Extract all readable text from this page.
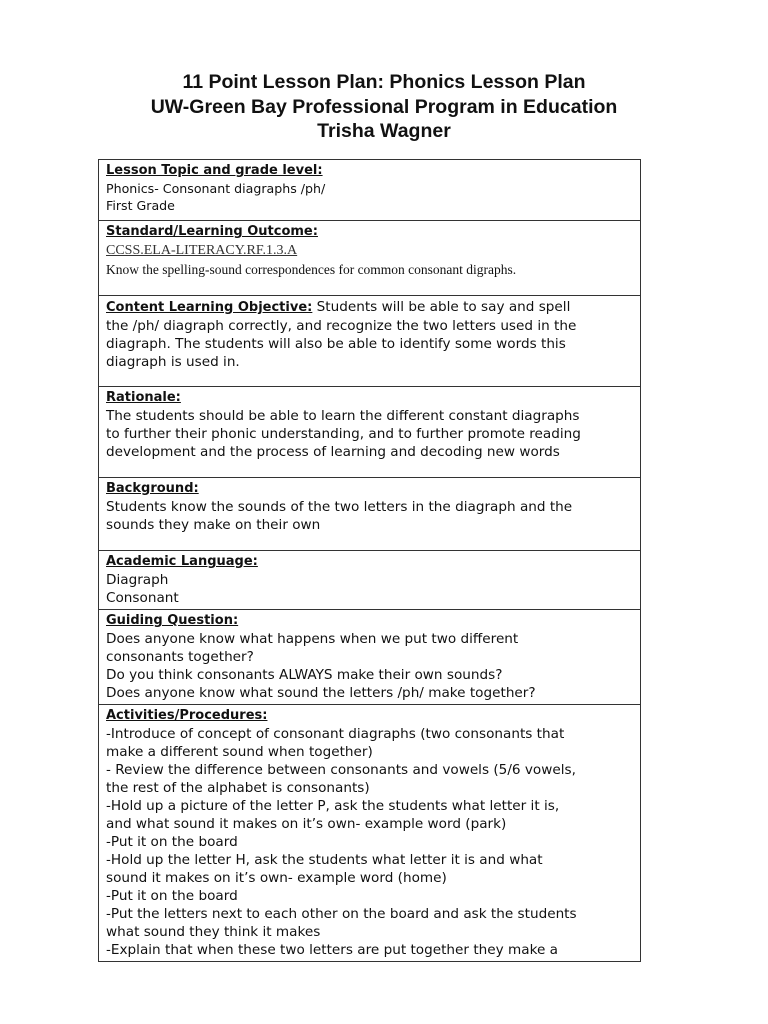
11 Point Lesson Plan: Phonics Lesson Plan
UW-Green Bay Professional Program in Education
Trisha Wagner
Lesson Topic and grade level:
Phonics- Consonant diagraphs /ph/
First Grade

Standard/Learning Outcome:
CCSS.ELA-LITERACY.RF.1.3.A
Know the spelling-sound correspondences for common consonant digraphs.

Content Learning Objective: Students will be able to say and spell
the /ph/ diagraph correctly, and recognize the two letters used in the
diagraph. The students will also be able to identify some words this
diagraph is used in.

Rationale:
The students should be able to learn the different constant diagraphs
to further their phonic understanding, and to further promote reading
development and the process of learning and decoding new words

Background:
Students know the sounds of the two letters in the diagraph and the
sounds they make on their own

Academic Language:
Diagraph
Consonant

Guiding Question:
Does anyone know what happens when we put two different
consonants together?
Do you think consonants ALWAYS make their own sounds?
Does anyone know what sound the letters /ph/ make together?

Activities/Procedures:
-Introduce of concept of consonant diagraphs (two consonants that
make a different sound when together)
- Review the difference between consonants and vowels (5/6 vowels,
the rest of the alphabet is consonants)
-Hold up a picture of the letter P, ask the students what letter it is,
and what sound it makes on it’s own- example word (park)
-Put it on the board
-Hold up the letter H, ask the students what letter it is and what
sound it makes on it’s own- example word (home)
-Put it on the board
-Put the letters next to each other on the board and ask the students
what sound they think it makes
-Explain that when these two letters are put together they make a
